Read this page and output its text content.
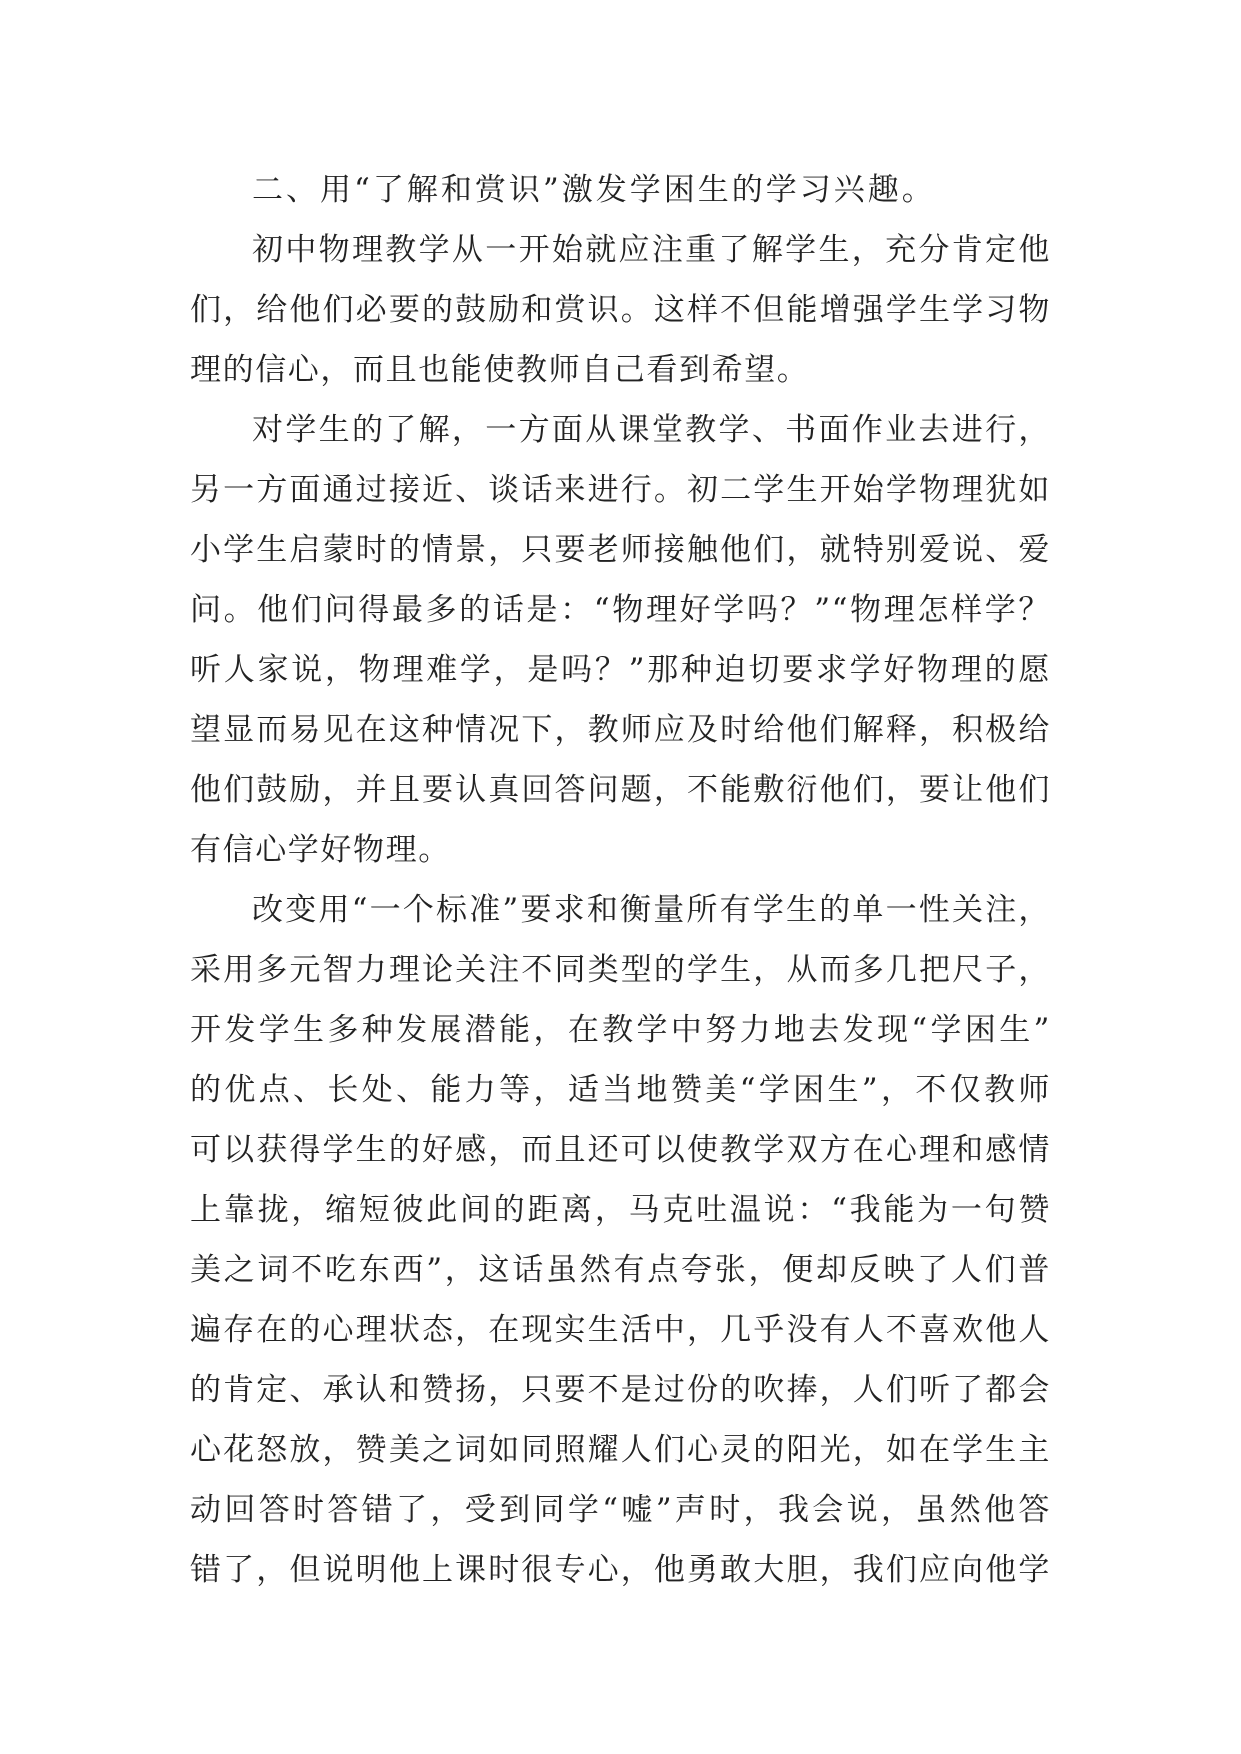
二、用“了解和赏识”激发学困生的学习兴趣。

初中物理教学从一开始就应注重了解学生，充分肯定他
们，给他们必要的鼓励和赏识。这样不但能增强学生学习物
理的信心，而且也能使教师自己看到希望。

对学生的了解，一方面从课堂教学、书面作业去进行，
另一方面通过接近、谈话来进行。初二学生开始学物理犹如
小学生启蒙时的情景，只要老师接触他们，就特别爱说、爱
问。他们问得最多的话是：“物理好学吗？”“物理怎样学？
听人家说，物理难学，是吗？”那种迫切要求学好物理的愿
望显而易见在这种情况下，教师应及时给他们解释，积极给
他们鼓励，并且要认真回答问题，不能敷衍他们，要让他们
有信心学好物理。

改变用“一个标准”要求和衡量所有学生的单一性关注，
采用多元智力理论关注不同类型的学生，从而多几把尺子，
开发学生多种发展潜能，在教学中努力地去发现“学困生”
的优点、长处、能力等，适当地赞美“学困生”，不仅教师
可以获得学生的好感，而且还可以使教学双方在心理和感情
上靠拢，缩短彼此间的距离，马克吐温说：“我能为一句赞
美之词不吃东西”，这话虽然有点夸张，便却反映了人们普
遍存在的心理状态，在现实生活中，几乎没有人不喜欢他人
的肯定、承认和赞扬，只要不是过份的吹捧，人们听了都会
心花怒放，赞美之词如同照耀人们心灵的阳光，如在学生主
动回答时答错了，受到同学“嘘”声时，我会说，虽然他答
错了，但说明他上课时很专心，他勇敢大胆，我们应向他学
